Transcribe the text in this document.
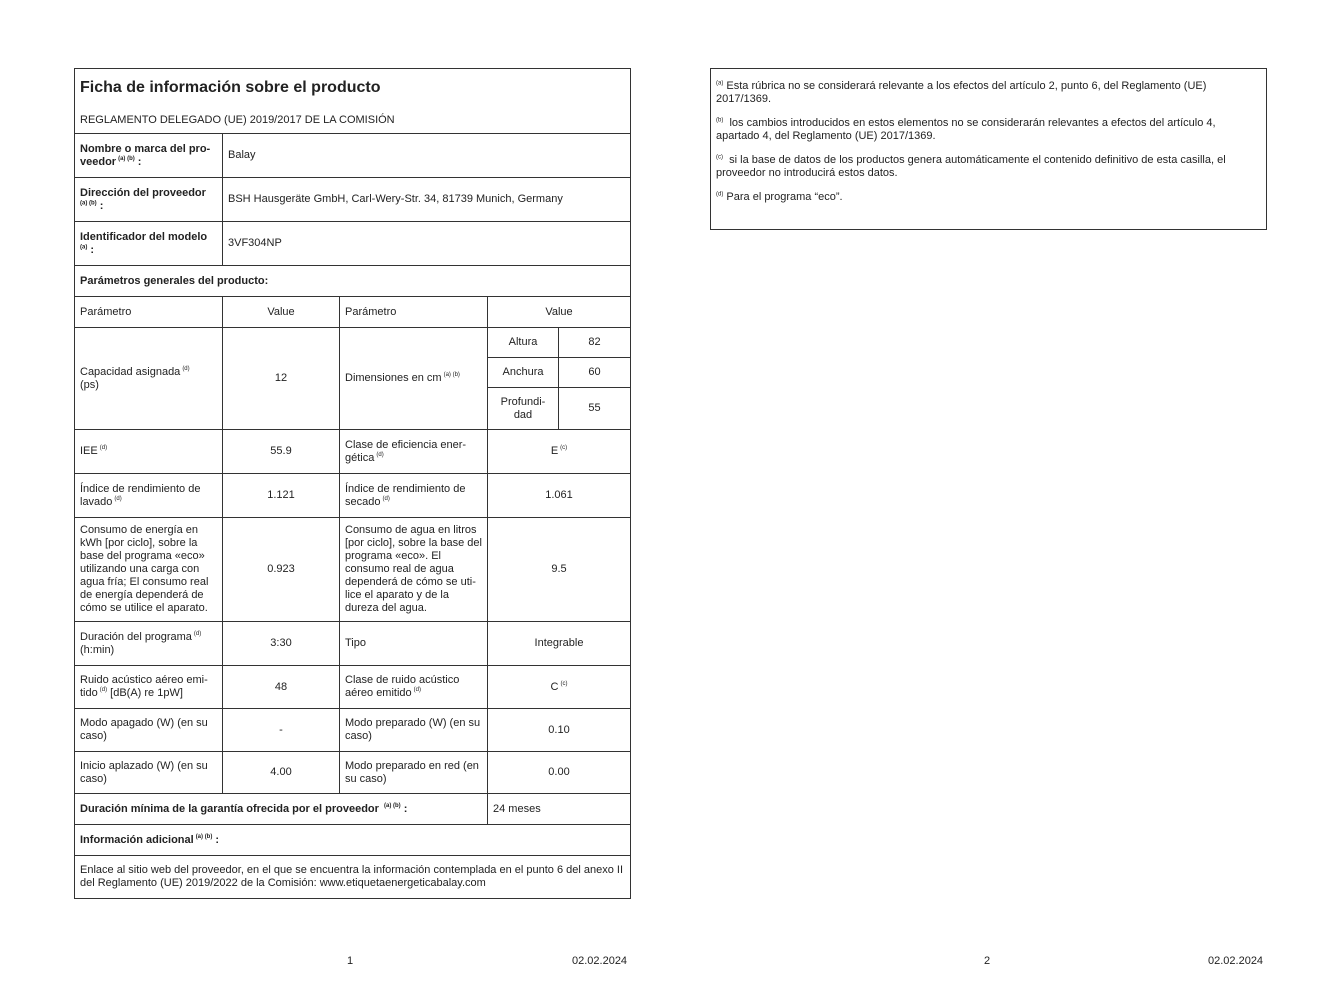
Ficha de información sobre el producto
REGLAMENTO DELEGADO (UE) 2019/2017 DE LA COMISIÓN				

Nombre o marca del pro-veedor $^{(a) (b)}$ :	Balay			
Dirección del proveedor
$^{(a) (b)}$ :	BSH Hausgeräte GmbH, Carl-Wery-Str. 34, 81739 Munich, Germany			
Identificador del modelo
$^{(a)}$ :	3VF304NP			
Parámetros generales del producto:				
Parámetro	Value	Parámetro	Value	
Capacidad asignada $^{(d)}$
(ps)	12	Dimensiones en cm $^{(a) (b)}$	Altura	82
			Anchura	60
			Profundi-dad	55
IEE $^{(d)}$	55.9	Clase de eficiencia ener-gética $^{(d)}$	E $^{(c)}$
Índice de rendimiento de lavado $^{(d)}$	1.121	Índice de rendimiento de secado $^{(d)}$	1.061	
Consumo de energía en kWh [por ciclo], sobre la base del programa «eco» utilizando una carga con agua fría; El consumo real de energía dependerá de cómo se utilice el aparato.	0.923	Consumo de agua en litros [por ciclo], sobre la base del programa «eco». El consumo real de agua dependerá de cómo se uti-lice el aparato y de la dureza del agua.	9.5	
Duración del programa $^{(d)}$
(h:min)	3:30	Tipo	Integrable	
Ruido acústico aéreo emi-tido $^{(d)}$ [dB(A) re 1pW]	48	Clase de ruido acústico aéreo emitido $^{(d)}$	C $^{(c)}$
Modo apagado (W) (en su caso)	-	Modo preparado (W) (en su caso)	0.10	
Inicio aplazado (W) (en su caso)	4.00	Modo preparado en red (en su caso)	0.00	
Duración mínima de la garantía ofrecida por el proveedor $^{(a) (b)}$ :			24 meses	
Información adicional $^{(a) (b)}$ :				
Enlace al sitio web del proveedor, en el que se encuentra la información contemplada en el punto 6 del anexo II del Reglamento (UE) 2019/2022 de la Comisión: www.etiquetaenergeticabalay.com				

$^{(a)}$ Esta rúbrica no se considerará relevante a los efectos del artículo 2, punto 6, del Reglamento (UE) 2017/1369.

$^{(b)}$ los cambios introducidos en estos elementos no se considerarán relevantes a efectos del artículo 4, apartado 4, del Reglamento (UE) 2017/1369.

$^{(c)}$ si la base de datos de los productos genera automáticamente el contenido definitivo de esta casilla, el proveedor no introducirá estos datos.

$^{(d)}$ Para el programa “eco”.

1	02.02.2024	2	02.02.2024
